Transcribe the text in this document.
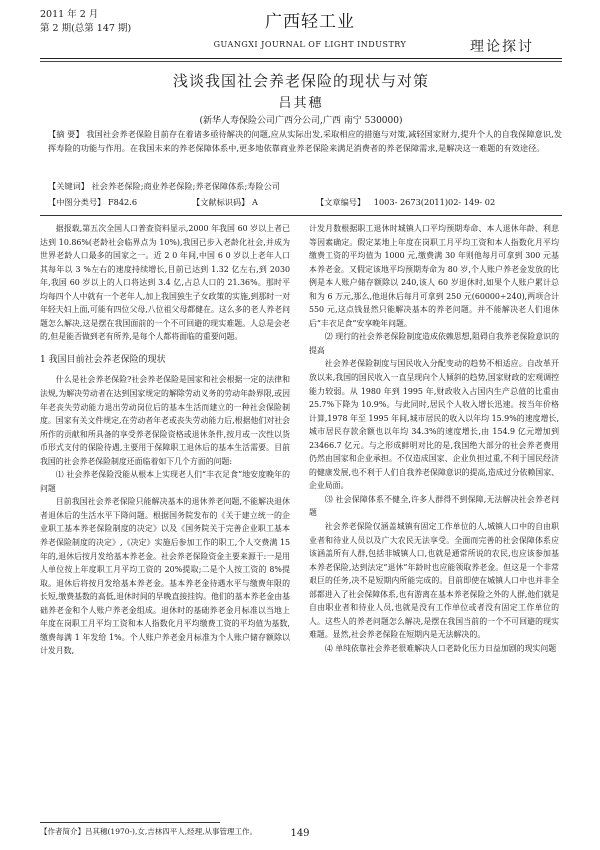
2011 年 2 月
第 2 期(总第 147 期)	广西轻工业
GUANGXI JOURNAL OF LIGHT INDUSTRY	理论探讨
浅谈我国社会养老保险的现状与对策
吕其穗
(新华人寿保险公司广西分公司,广西 南宁 530000)
【摘 要】 我国社会养老保险目前存在着诸多亟待解决的问题,应从实际出发,采取相应的措施与对策,减轻国家财力,提升个人的自我保障意识,发挥寿险的功能与作用。在我国未来的养老保障体系中,更多地依靠商业养老保险来满足消费者的养老保障需求,是解决这一难题的有效途径。
【关键词】 社会养老保险;商业养老保险;养老保障体系;寿险公司
【中图分类号】 F842.6	【文献标识码】 A	【文章编号】 1003- 2673(2011)02- 149- 02

据报载,第五次全国人口普查资料显示,2000 年我国 60 岁以上者已达到 10.86%(老龄社会临界点为 10%),我国已步入老龄化社会,并成为世界老龄人口最多的国家之一。近 2 0 年间,中国 6 0 岁以上老年人口其每年以 3 %左右的速度持续增长,目前已达到 1.32 亿左右,到 2030 年,我国 60 岁以上的人口将达到 3.4 亿,占总人口的 21.36%。那时平均每四个人中就有一个老年人,加上我国独生子女政策的实施,到那时一对年轻夫妇上面,可能有四位父母,八位祖父母都健在。这么多的老人养老问题怎么解决,这是摆在我国面前的一个不可回避的现实难题。人总是会老的,但是能否做到老有所养,是每个人都将面临的重要问题。

1 我国目前社会养老保险的现状

什么是社会养老保险?社会养老保险是国家和社会根据一定的法律和法规,为解决劳动者在达到国家规定的解除劳动义务的劳动年龄界限,或因年老丧失劳动能力退出劳动岗位后的基本生活而建立的一种社会保险制度。国家有关文件规定,在劳动者年老或丧失劳动能力后,根据他们对社会所作的贡献和所具备的享受养老保险资格或退休条件,按月或一次性以货币形式支付的保险待遇,主要用于保障职工退休后的基本生活需要。目前我国的社会养老保险制度还面临着如下几个方面的问题:

⑴ 社会养老保险没能从根本上实现老人们“丰衣足食”地安度晚年的问题

目前我国社会养老保险只能解决基本的退休养老问题,不能解决退休者退休后的生活水平下降问题。根据国务院发布的《关于建立统一的企业职工基本养老保险制度的决定》以及《国务院关于完善企业职工基本养老保险制度的决定》,《决定》实施后参加工作的职工,个人交费满 15 年的,退休后按月发给基本养老金。社会养老保险资金主要来源于:一是用人单位按上年度职工月平均工资的 20%提取;二是个人按工资的 8%提取。退休后将按月发给基本养老金。基本养老金待遇水平与缴费年限的长短,缴费基数的高低,退休时间的早晚直接挂钩。他们的基本养老金由基础养老金和个人账户养老金组成。退休时的基础养老金月标准以当地上年度在岗职工月平均工资和本人指数化月平均缴费工资的平均值为基数,缴费每满 1 年发给 1%。个人账户养老金月标准为个人账户储存额除以计发月数,

计发月数根据职工退休时城镇人口平均预期寿命、本人退休年龄、利息等因素确定。假定某地上年度在岗职工月平均工资和本人指数化月平均缴费工资的平均值为 1000 元,缴费满 30 年则他每月可拿到 300 元基本养老金。又假定该地平均预期寿命为 80 岁,个人账户养老金发放的比例是本人账户储存额除以 240,该人 60 岁退休时,如果个人账户累计总和为 6 万元,那么,他退休后每月可拿到 250 元(60000÷240),两项合计 550 元,这点钱显然只能解决基本的养老问题。并不能解决老人们退休后“丰衣足食”安享晚年问题。

⑵ 现行的社会养老保险制度造成依赖思想,阻碍自我养老保险意识的提高

社会养老保险制度与国民收入分配变动的趋势不相适应。自改革开放以来,我国的国民收入一直呈现向个人倾斜的趋势,国家财政的宏观调控能力较弱。从 1980 年到 1995 年,财政收入占国内生产总值的比重由 25.7%下降为 10.9%。与此同时,居民个人收入增长迅速。按当年价格计算,1978 年至 1995 年间,城市居民的收入以年均 15.9%的速度增长,城市居民存款余额也以年均 34.3%的速度增长,由 154.9 亿元增加到 23466.7 亿元。与之形成鲜明对比的是,我国绝大部分的社会养老费用仍然由国家和企业承担。不仅造成国家、企业负担过重,不利于国民经济的健康发展,也不利于人们自我养老保障意识的提高,造成过分依赖国家、企业局面。

⑶ 社会保障体系不健全,许多人群得不到保障,无法解决社会养老问题

社会养老保险仅涵盖城镇有固定工作单位的人,城镇人口中的自由职业者和待业人员以及广大农民无法享受。全面而完善的社会保障体系应该涵盖所有人群,包括非城镇人口,也就是通常所说的农民,也应该参加基本养老保险,达到法定“退休”年龄时也应能领取养老金。但这是一个非常艰巨的任务,决不是短期内所能完成的。目前即使在城镇人口中也并非全部都进入了社会保障体系,也有游离在基本养老保险之外的人群,他们就是自由职业者和待业人员,也就是没有工作单位或者没有固定工作单位的人。这些人的养老问题怎么解决,是摆在我国当前的一个不可回避的现实难题。显然,社会养老保险在短期内是无法解决的。

⑷ 单纯依靠社会养老很难解决人口老龄化压力日益加剧的现实问题

【作者简介】吕其穗(1970-),女,吉林四平人,经理,从事管理工作。	149
